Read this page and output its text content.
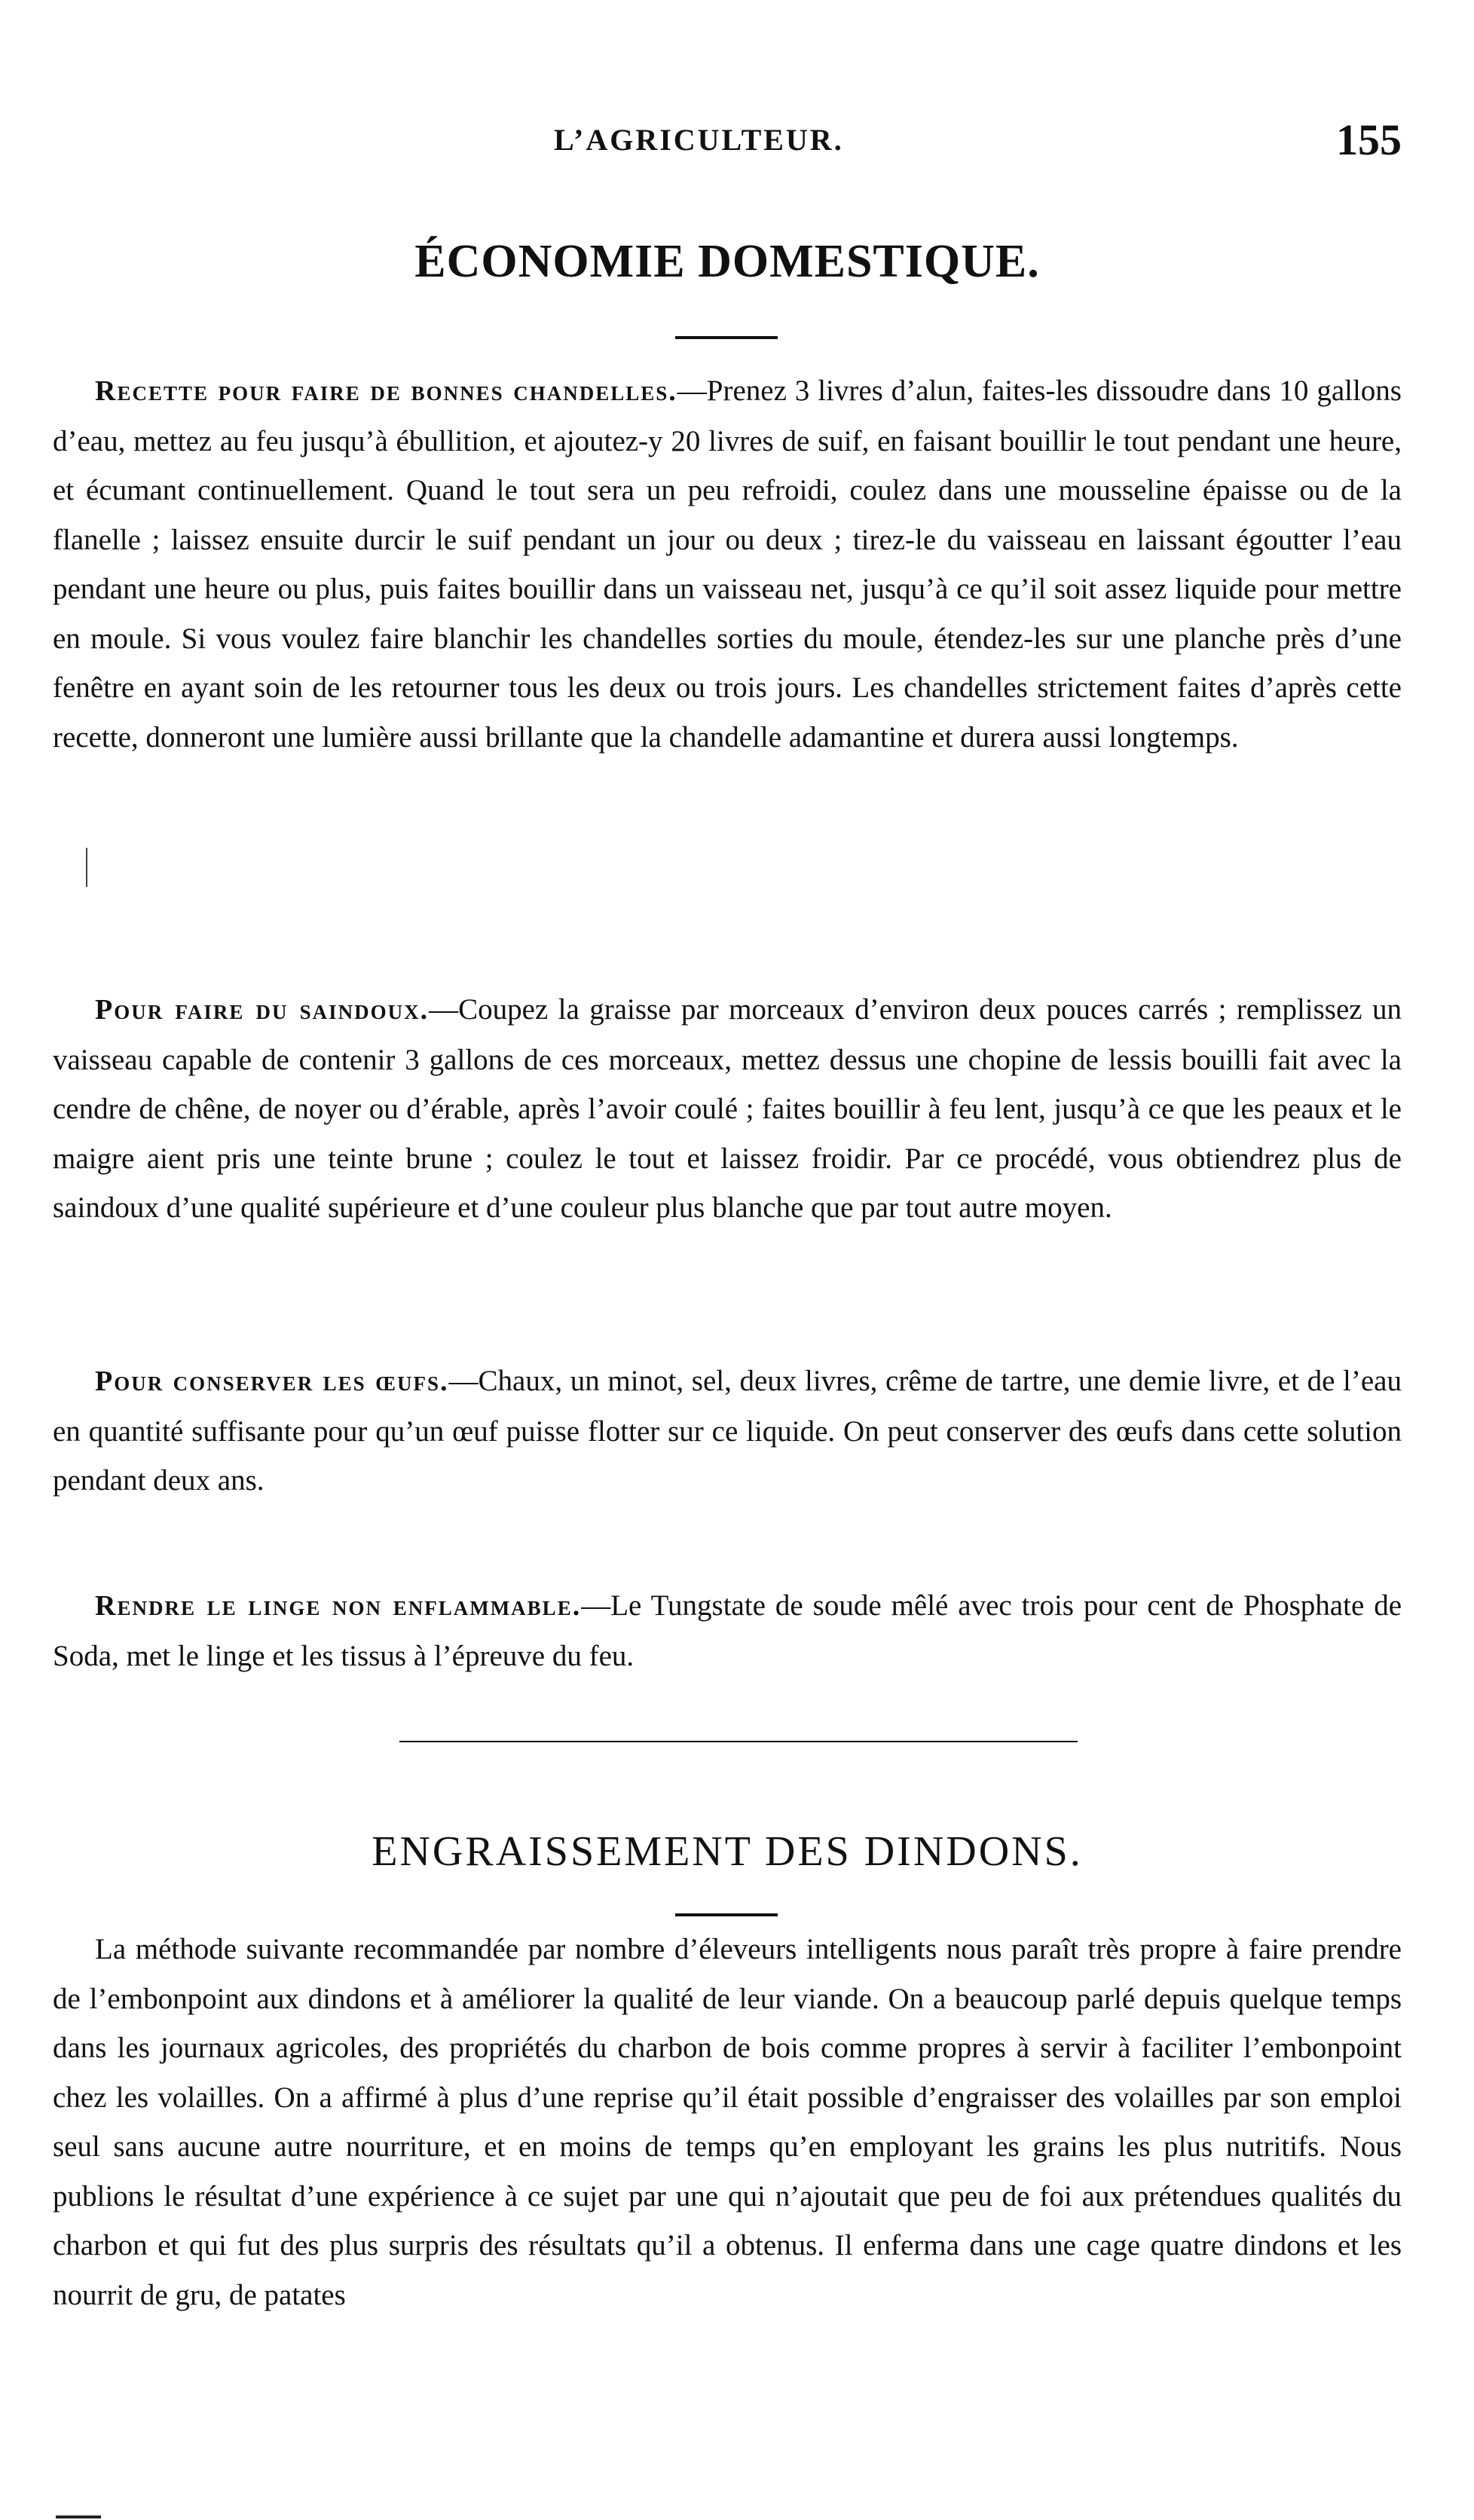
L’AGRICULTEUR.	155
ÉCONOMIE DOMESTIQUE.

Recette pour faire de bonnes chandelles.—Prenez 3 livres d’alun, faites-les dissoudre dans 10 gallons d’eau, mettez au feu jusqu’à ébullition, et ajoutez-y 20 livres de suif, en faisant bouillir le tout pendant une heure, et écumant continuellement. Quand le tout sera un peu refroidi, coulez dans une mousseline épaisse ou de la flanelle ; laissez ensuite durcir le suif pendant un jour ou deux ; tirez-le du vaisseau en laissant égoutter l’eau pendant une heure ou plus, puis faites bouillir dans un vaisseau net, jusqu’à ce qu’il soit assez liquide pour mettre en moule. Si vous voulez faire blanchir les chandelles sorties du moule, étendez-les sur une planche près d’une fenêtre en ayant soin de les retourner tous les deux ou trois jours. Les chandelles strictement faites d’après cette recette, donneront une lumière aussi brillante que la chandelle adamantine et durera aussi longtemps.

Pour faire du saindoux.—Coupez la graisse par morceaux d’environ deux pouces carrés ; remplissez un vaisseau capable de contenir 3 gallons de ces morceaux, mettez dessus une chopine de lessis bouilli fait avec la cendre de chêne, de noyer ou d’érable, après l’avoir coulé ; faites bouillir à feu lent, jusqu’à ce que les peaux et le maigre aient pris une teinte brune ; coulez le tout et laissez froidir. Par ce procédé, vous obtiendrez plus de saindoux d’une qualité supérieure et d’une couleur plus blanche que par tout autre moyen.

Pour conserver les œufs.—Chaux, un minot, sel, deux livres, crême de tartre, une demie livre, et de l’eau en quantité suffisante pour qu’un œuf puisse flotter sur ce liquide. On peut conserver des œufs dans cette solution pendant deux ans.

Rendre le linge non enflammable.—Le Tungstate de soude mêlé avec trois pour cent de Phosphate de Soda, met le linge et les tissus à l’épreuve du feu.

ENGRAISSEMENT DES DINDONS.

La méthode suivante recommandée par nombre d’éleveurs intelligents nous paraît très propre à faire prendre de l’embonpoint aux dindons et à améliorer la qualité de leur viande. On a beaucoup parlé depuis quelque temps dans les journaux agricoles, des propriétés du charbon de bois comme propres à servir à faciliter l’embonpoint chez les volailles. On a affirmé à plus d’une reprise qu’il était possible d’engraisser des volailles par son emploi seul sans aucune autre nourriture, et en moins de temps qu’en employant les grains les plus nutritifs. Nous publions le résultat d’une expérience à ce sujet par une qui n’ajoutait que peu de foi aux prétendues qualités du charbon et qui fut des plus surpris des résultats qu’il a obtenus. Il enferma dans une cage quatre dindons et les nourrit de gru, de patates
